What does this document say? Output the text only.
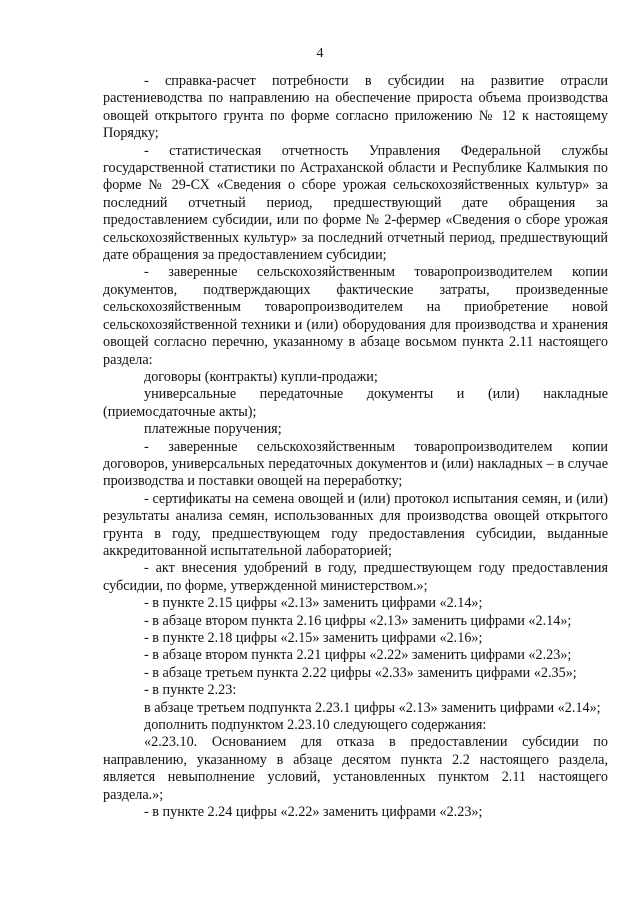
4

- справка-расчет потребности в субсидии на развитие отрасли растениеводства по направлению на обеспечение прироста объема производства овощей открытого грунта по форме согласно приложению № 12 к настоящему Порядку;

- статистическая отчетность Управления Федеральной службы государственной статистики по Астраханской области и Республике Калмыкия по форме № 29-СХ «Сведения о сборе урожая сельскохозяйственных культур» за последний отчетный период, предшествующий дате обращения за предоставлением субсидии, или по форме № 2-фермер «Сведения о сборе урожая сельскохозяйственных культур» за последний отчетный период, предшествующий дате обращения за предоставлением субсидии;

- заверенные сельскохозяйственным товаропроизводителем копии документов, подтверждающих фактические затраты, произведенные сельскохозяйственным товаропроизводителем на приобретение новой сельскохозяйственной техники и (или) оборудования для производства и хранения овощей согласно перечню, указанному в абзаце восьмом пункта 2.11 настоящего раздела:

договоры (контракты) купли-продажи;

универсальные передаточные документы и (или) накладные (приемосдаточные акты);

платежные поручения;

- заверенные сельскохозяйственным товаропроизводителем копии договоров, универсальных передаточных документов и (или) накладных – в случае производства и поставки овощей на переработку;

- сертификаты на семена овощей и (или) протокол испытания семян, и (или) результаты анализа семян, использованных для производства овощей открытого грунта в году, предшествующем году предоставления субсидии, выданные аккредитованной испытательной лабораторией;

- акт внесения удобрений в году, предшествующем году предоставления субсидии, по форме, утвержденной министерством.»;

- в пункте 2.15 цифры «2.13» заменить цифрами «2.14»;

- в абзаце втором пункта 2.16 цифры «2.13» заменить цифрами «2.14»;

- в пункте 2.18 цифры «2.15» заменить цифрами «2.16»;

- в абзаце втором пункта 2.21 цифры «2.22» заменить цифрами «2.23»;

- в абзаце третьем пункта 2.22 цифры «2.33» заменить цифрами «2.35»;

- в пункте 2.23:

в абзаце третьем подпункта 2.23.1 цифры «2.13» заменить цифрами «2.14»;

дополнить подпунктом 2.23.10 следующего содержания:

«2.23.10. Основанием для отказа в предоставлении субсидии по направлению, указанному в абзаце десятом пункта 2.2 настоящего раздела, является невыполнение условий, установленных пунктом 2.11 настоящего раздела.»;

- в пункте 2.24 цифры «2.22» заменить цифрами «2.23»;
